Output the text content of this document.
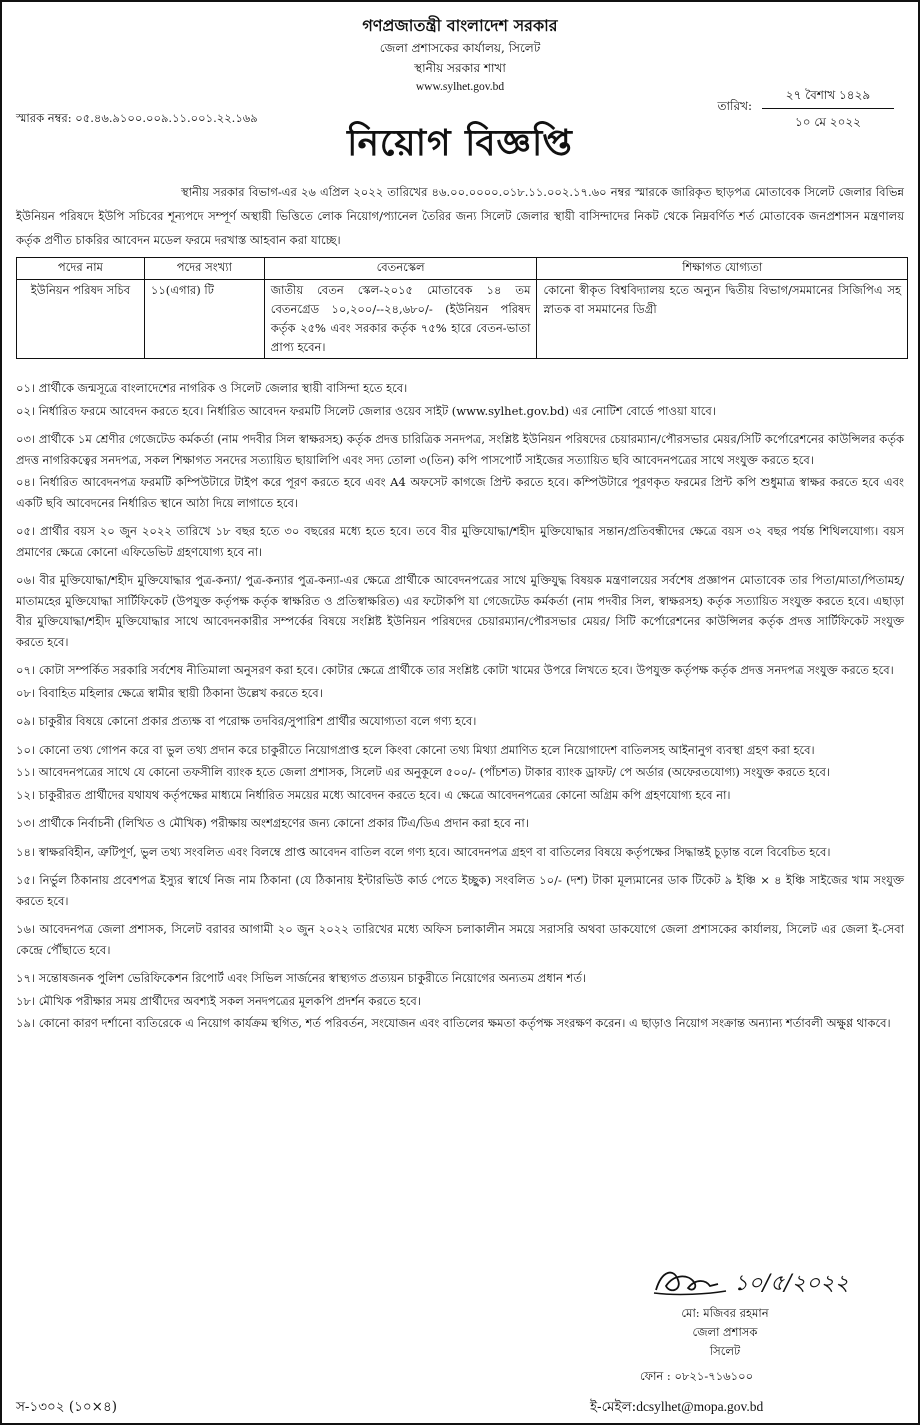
গণপ্রজাতন্ত্রী বাংলাদেশ সরকার
জেলা প্রশাসকের কার্যালয়, সিলেট
স্থানীয় সরকার শাখা
www.sylhet.gov.bd
স্মারক নম্বর: ০৫.৪৬.৯১০০.০০৯.১১.০০১.২২.১৬৯
তারিখ:
২৭ বৈশাখ ১৪২৯
১০ মে ২০২২
নিয়োগ বিজ্ঞপ্তি
স্থানীয় সরকার বিভাগ-এর ২৬ এপ্রিল ২০২২ তারিখের ৪৬.০০.০০০০.০১৮.১১.০০২.১৭.৬০ নম্বর স্মারকে জারিকৃত ছাড়পত্র মোতাবেক সিলেট জেলার বিভিন্ন ইউনিয়ন পরিষদে ইউপি সচিবের শূন্যপদে সম্পূর্ণ অস্থায়ী ভিত্তিতে লোক নিয়োগ/প্যানেল তৈরির জন্য সিলেট জেলার স্থায়ী বাসিন্দাদের নিকট থেকে নিম্নবর্ণিত শর্ত মোতাবেক জনপ্রশাসন মন্ত্রণালয় কর্তৃক প্রণীত চাকরির আবেদন মডেল ফরমে দরখাস্ত আহবান করা যাচ্ছে।
পদের নাম	পদের সংখ্যা	বেতনস্কেল	শিক্ষাগত যোগ্যতা
ইউনিয়ন পরিষদ সচিব	১১(এগার) টি	জাতীয় বেতন স্কেল-২০১৫ মোতাবেক ১৪ তম বেতনগ্রেড ১০,২০০/--২৪,৬৮০/- (ইউনিয়ন পরিষদ কর্তৃক ২৫% এবং সরকার কর্তৃক ৭৫% হারে বেতন-ভাতা প্রাপ্য হবেন।	কোনো স্বীকৃত বিশ্ববিদ্যালয় হতে অন্যুন দ্বিতীয় বিভাগ/সমমানের সিজিপিএ সহ স্নাতক বা সমমানের ডিগ্রী
০১। প্রার্থীকে জন্মসূত্রে বাংলাদেশের নাগরিক ও সিলেট জেলার স্থায়ী বাসিন্দা হতে হবে।
০২। নির্ধারিত ফরমে আবেদন করতে হবে। নির্ধারিত আবেদন ফরমটি সিলেট জেলার ওয়েব সাইট (www.sylhet.gov.bd) এর নোটিশ বোর্ডে পাওয়া যাবে।
০৩। প্রার্থীকে ১ম শ্রেণীর গেজেটেড কর্মকর্তা (নাম পদবীর সিল স্বাক্ষরসহ) কর্তৃক প্রদত্ত চারিত্রিক সনদপত্র, সংশ্লিষ্ট ইউনিয়ন পরিষদের চেয়ারম্যান/পৌরসভার মেয়র/সিটি কর্পোরেশনের কাউন্সিলর কর্তৃক প্রদত্ত নাগরিকত্বের সনদপত্র, সকল শিক্ষাগত সনদের সত্যায়িত ছায়ালিপি এবং সদ্য তোলা ৩(তিন) কপি পাসপোর্ট সাইজের সত্যায়িত ছবি আবেদনপত্রের সাথে সংযুক্ত করতে হবে।
০৪। নির্ধারিত আবেদনপত্র ফরমটি কম্পিউটারে টাইপ করে পূরণ করতে হবে এবং A4 অফসেট কাগজে প্রিন্ট করতে হবে। কম্পিউটারে পূরণকৃত ফরমের প্রিন্ট কপি শুধুমাত্র স্বাক্ষর করতে হবে এবং একটি ছবি আবেদনের নির্ধারিত স্থানে আঠা দিয়ে লাগাতে হবে।
০৫। প্রার্থীর বয়স ২০ জুন ২০২২ তারিখে ১৮ বছর হতে ৩০ বছরের মধ্যে হতে হবে। তবে বীর মুক্তিযোদ্ধা/শহীদ মুক্তিযোদ্ধার সন্তান/প্রতিবন্ধীদের ক্ষেত্রে বয়স ৩২ বছর পর্যন্ত শিথিলযোগ্য। বয়স প্রমাণের ক্ষেত্রে কোনো এফিডেভিট গ্রহণযোগ্য হবে না।
০৬। বীর মুক্তিযোদ্ধা/শহীদ মুক্তিযোদ্ধার পুত্র-কন্যা/ পুত্র-কন্যার পুত্র-কন্যা-এর ক্ষেত্রে প্রার্থীকে আবেদনপত্রের সাথে মুক্তিযুদ্ধ বিষয়ক মন্ত্রণালয়ের সর্বশেষ প্রজ্ঞাপন মোতাবেক তার পিতা/মাতা/পিতামহ/মাতামহের মুক্তিযোদ্ধা সার্টিফিকেট (উপযুক্ত কর্তৃপক্ষ কর্তৃক স্বাক্ষরিত ও প্রতিস্বাক্ষরিত) এর ফটোকপি যা গেজেটেড কর্মকর্তা (নাম পদবীর সিল, স্বাক্ষরসহ) কর্তৃক সত্যায়িত সংযুক্ত করতে হবে। এছাড়া বীর মুক্তিযোদ্ধা/শহীদ মুক্তিযোদ্ধার সাথে আবেদনকারীর সম্পর্কের বিষয়ে সংশ্লিষ্ট ইউনিয়ন পরিষদের চেয়ারম্যান/পৌরসভার মেয়র/ সিটি কর্পোরেশনের কাউন্সিলর কর্তৃক প্রদত্ত সার্টিফিকেট সংযুক্ত করতে হবে।
০৭। কোটা সম্পর্কিত সরকারি সর্বশেষ নীতিমালা অনুসরণ করা হবে। কোটার ক্ষেত্রে প্রার্থীকে তার সংশ্লিষ্ট কোটা খামের উপরে লিখতে হবে। উপযুক্ত কর্তৃপক্ষ কর্তৃক প্রদত্ত সনদপত্র সংযুক্ত করতে হবে।
০৮। বিবাহিত মহিলার ক্ষেত্রে স্বামীর স্থায়ী ঠিকানা উল্লেখ করতে হবে।
০৯। চাকুরীর বিষয়ে কোনো প্রকার প্রত্যক্ষ বা পরোক্ষ তদবির/সুপারিশ প্রার্থীর অযোগ্যতা বলে গণ্য হবে।
১০। কোনো তথ্য গোপন করে বা ভুল তথ্য প্রদান করে চাকুরীতে নিয়োগপ্রাপ্ত হলে কিংবা কোনো তথ্য মিথ্যা প্রমাণিত হলে নিয়োগাদেশ বাতিলসহ আইনানুগ ব্যবস্থা গ্রহণ করা হবে।
১১। আবেদনপত্রের সাথে যে কোনো তফসীলি ব্যাংক হতে জেলা প্রশাসক, সিলেট এর অনুকূলে ৫০০/- (পাঁচশত) টাকার ব্যাংক ড্রাফট/ পে অর্ডার (অফেরতযোগ্য) সংযুক্ত করতে হবে।
১২। চাকুরীরত প্রার্থীদের যথাযথ কর্তৃপক্ষের মাধ্যমে নির্ধারিত সময়ের মধ্যে আবেদন করতে হবে। এ ক্ষেত্রে আবেদনপত্রের কোনো অগ্রিম কপি গ্রহণযোগ্য হবে না।
১৩। প্রার্থীকে নির্বাচনী (লিখিত ও মৌখিক) পরীক্ষায় অংশগ্রহণের জন্য কোনো প্রকার টিএ/ডিএ প্রদান করা হবে না।
১৪। স্বাক্ষরবিহীন, ত্রুটিপূর্ণ, ভুল তথ্য সংবলিত এবং বিলম্বে প্রাপ্ত আবেদন বাতিল বলে গণ্য হবে। আবেদনপত্র গ্রহণ বা বাতিলের বিষয়ে কর্তৃপক্ষের সিদ্ধান্তই চূড়ান্ত বলে বিবেচিত হবে।
১৫। নির্ভুল ঠিকানায় প্রবেশপত্র ইস্যুর স্বার্থে নিজ নাম ঠিকানা (যে ঠিকানায় ইন্টারভিউ কার্ড পেতে ইচ্ছুক) সংবলিত ১০/- (দশ) টাকা মূল্যমানের ডাক টিকেট ৯ ইঞ্চি × ৪ ইঞ্চি সাইজের খাম সংযুক্ত করতে হবে।
১৬। আবেদনপত্র জেলা প্রশাসক, সিলেট বরাবর আগামী ২০ জুন ২০২২ তারিখের মধ্যে অফিস চলাকালীন সময়ে সরাসরি অথবা ডাকযোগে জেলা প্রশাসকের কার্যালয়, সিলেট এর জেলা ই-সেবা কেন্দ্রে পৌঁছাতে হবে।
১৭। সন্তোষজনক পুলিশ ভেরিফিকেশন রিপোর্ট এবং সিভিল সার্জনের স্বাস্থ্যগত প্রত্যয়ন চাকুরীতে নিয়োগের অন্যতম প্রধান শর্ত।
১৮। মৌখিক পরীক্ষার সময় প্রার্থীদের অবশ্যই সকল সনদপত্রের মূলকপি প্রদর্শন করতে হবে।
১৯। কোনো কারণ দর্শানো ব্যতিরেকে এ নিয়োগ কার্যক্রম স্থগিত, শর্ত পরিবর্তন, সংযোজন এবং বাতিলের ক্ষমতা কর্তৃপক্ষ সংরক্ষণ করেন। এ ছাড়াও নিয়োগ সংক্রান্ত অন্যান্য শর্তাবলী অক্ষুণ্ণ থাকবে।
১০/৫/২০২২
মো: মজিবর রহমান
জেলা প্রশাসক
সিলেট
ফোন : ০৮২১-৭১৬১০০
স-১৩০২ (১০×৪)	ই-মেইল:dcsylhet@mopa.gov.bd
